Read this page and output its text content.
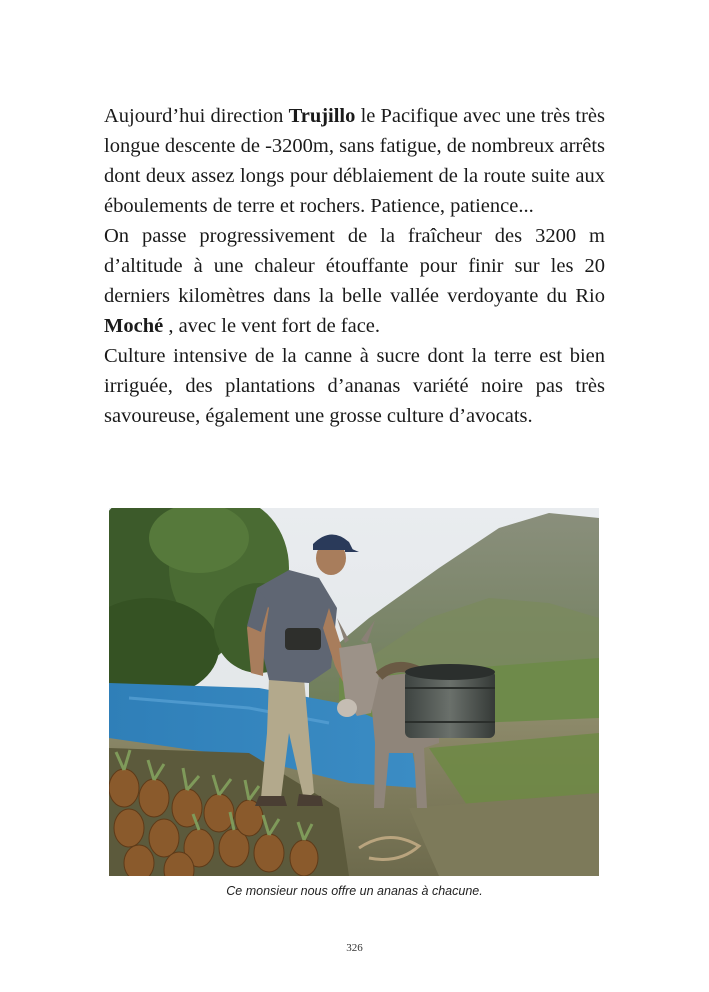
Aujourd’hui direction Trujillo le Pacifique avec une très très longue descente de -3200m, sans fatigue, de nombreux arrêts dont deux assez longs pour déblaiement de la route suite aux éboulements de terre et rochers. Patience, patience...

On passe progressivement de la fraîcheur des 3200 m d’altitude à une chaleur étouffante pour finir sur les 20 derniers kilomètres dans la belle vallée verdoyante du Rio Moché , avec le vent fort de face.

Culture intensive de la canne à sucre dont la terre est bien irriguée, des plantations d’ananas variété noire pas très savoureuse, également une grosse culture d’avocats.

Ce monsieur nous offre un ananas à chacune.
326
